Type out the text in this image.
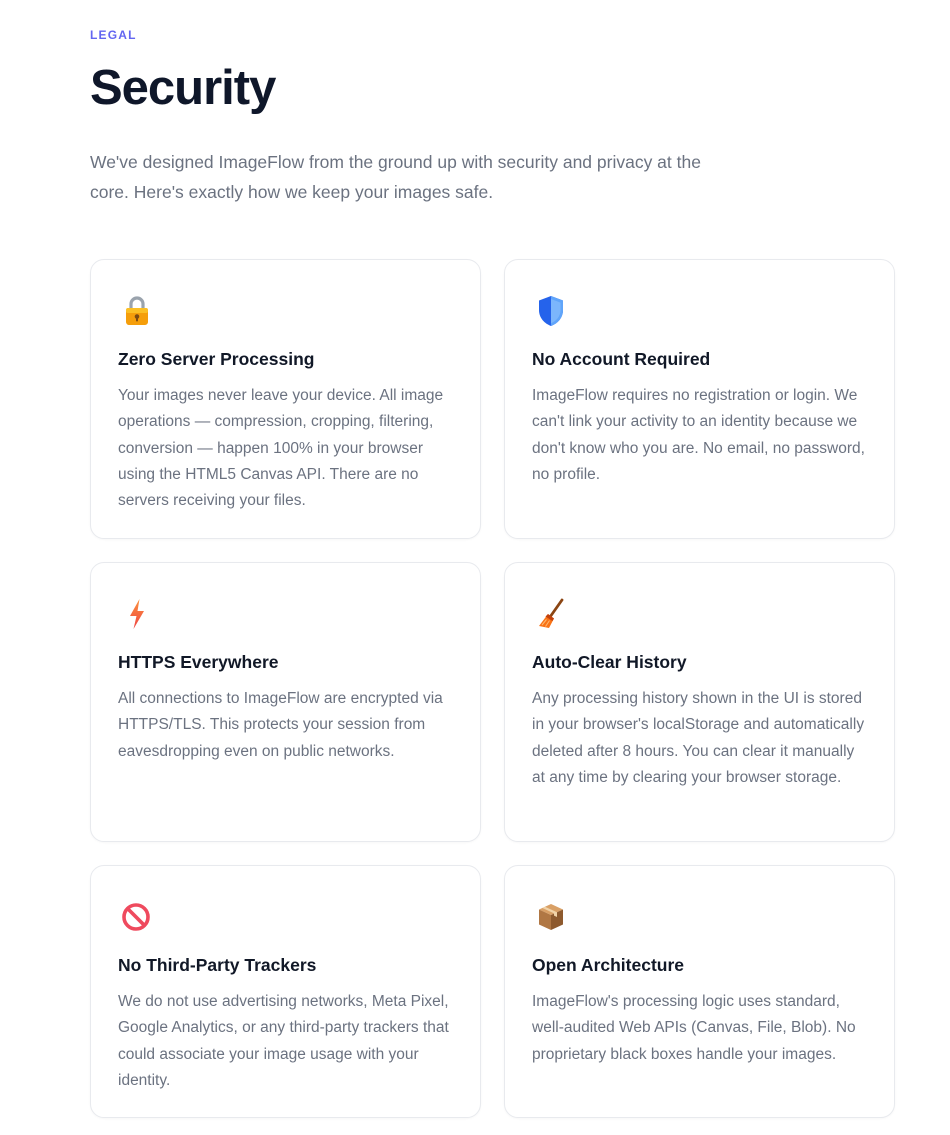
LEGAL
Security

We've designed ImageFlow from the ground up with security and privacy at the core. Here's exactly how we keep your images safe.

Zero Server Processing

Your images never leave your device. All image operations — compression, cropping, filtering, conversion — happen 100% in your browser using the HTML5 Canvas API. There are no servers receiving your files.

No Account Required

ImageFlow requires no registration or login. We can't link your activity to an identity because we don't know who you are. No email, no password, no profile.

HTTPS Everywhere

All connections to ImageFlow are encrypted via HTTPS/TLS. This protects your session from eavesdropping even on public networks.

Auto-Clear History

Any processing history shown in the UI is stored in your browser's localStorage and automatically deleted after 8 hours. You can clear it manually at any time by clearing your browser storage.

No Third-Party Trackers

We do not use advertising networks, Meta Pixel, Google Analytics, or any third-party trackers that could associate your image usage with your identity.

Open Architecture

ImageFlow's processing logic uses standard, well-audited Web APIs (Canvas, File, Blob). No proprietary black boxes handle your images.
